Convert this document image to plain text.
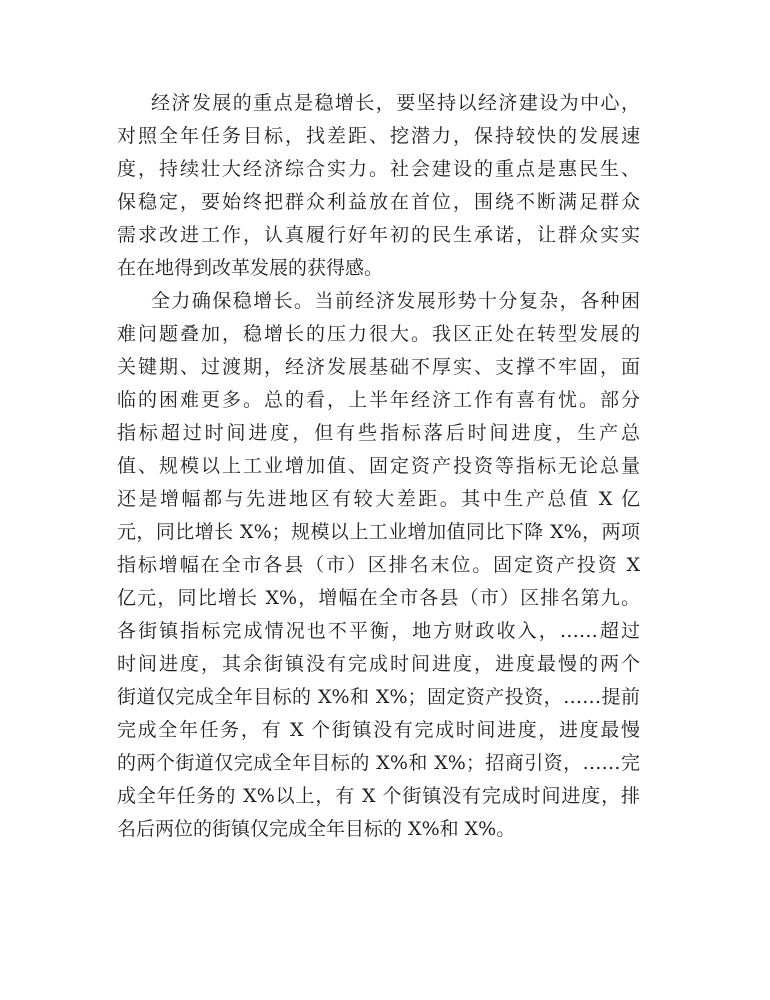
经济发展的重点是稳增长，要坚持以经济建设为中心，
对照全年任务目标，找差距、挖潜力，保持较快的发展速
度，持续壮大经济综合实力。社会建设的重点是惠民生、
保稳定，要始终把群众利益放在首位，围绕不断满足群众
需求改进工作，认真履行好年初的民生承诺，让群众实实
在在地得到改革发展的获得感。
全力确保稳增长。当前经济发展形势十分复杂，各种困
难问题叠加，稳增长的压力很大。我区正处在转型发展的
关键期、过渡期，经济发展基础不厚实、支撑不牢固，面
临的困难更多。总的看，上半年经济工作有喜有忧。部分
指标超过时间进度，但有些指标落后时间进度，生产总
值、规模以上工业增加值、固定资产投资等指标无论总量
还是增幅都与先进地区有较大差距。其中生产总值 X 亿
元，同比增长 X%；规模以上工业增加值同比下降 X%，两项
指标增幅在全市各县（市）区排名末位。固定资产投资 X
亿元，同比增长 X%，增幅在全市各县（市）区排名第九。
各街镇指标完成情况也不平衡，地方财政收入，……超过
时间进度，其余街镇没有完成时间进度，进度最慢的两个
街道仅完成全年目标的 X%和 X%；固定资产投资，……提前
完成全年任务，有 X 个街镇没有完成时间进度，进度最慢
的两个街道仅完成全年目标的 X%和 X%；招商引资，……完
成全年任务的 X%以上，有 X 个街镇没有完成时间进度，排
名后两位的街镇仅完成全年目标的 X%和 X%。
